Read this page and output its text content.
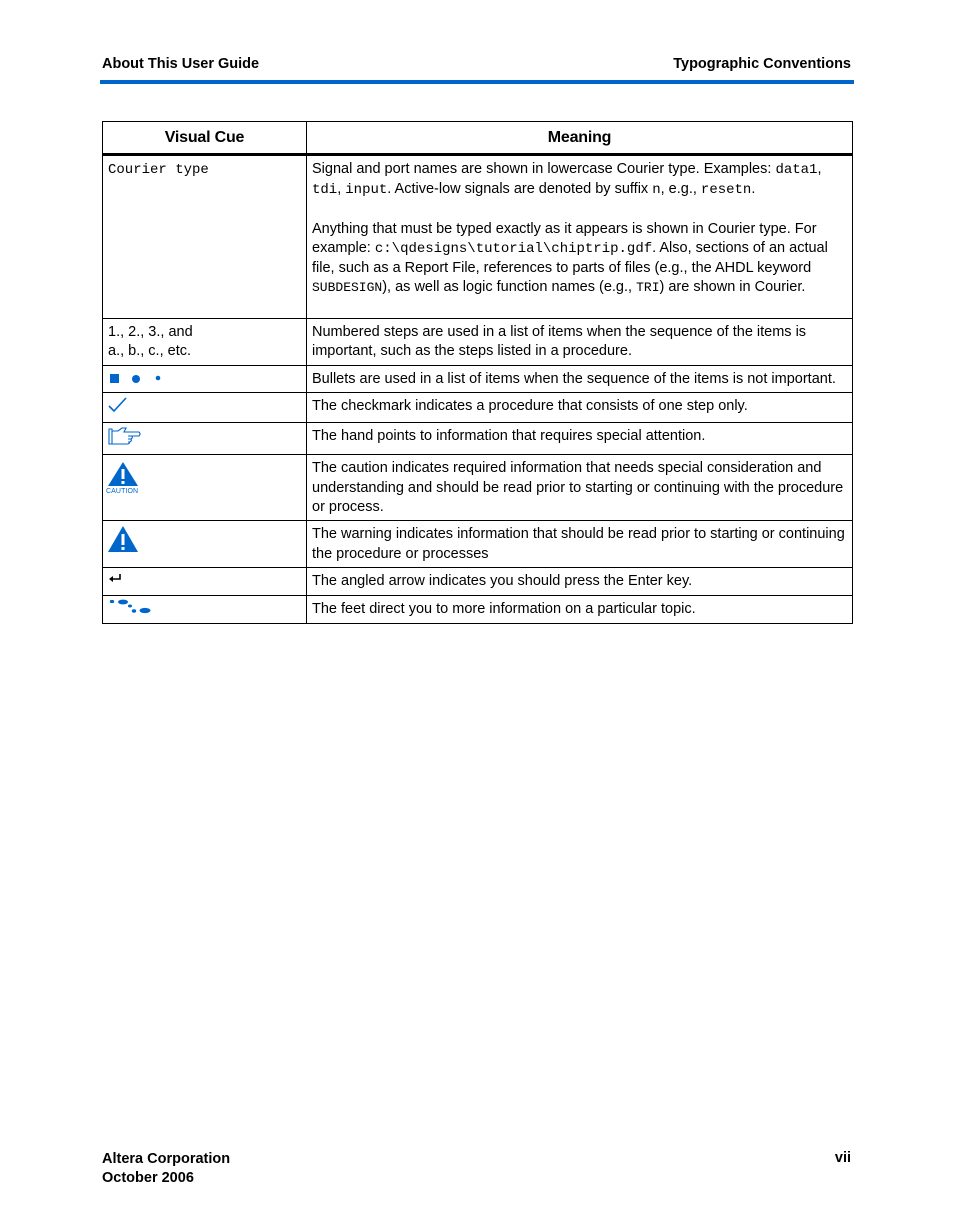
About This User Guide	Typographic Conventions
Visual Cue	Meaning
Courier type	Signal and port names are shown in lowercase Courier type. Examples: data1, tdi, input. Active-low signals are denoted by suffix n, e.g., resetn.

Anything that must be typed exactly as it appears is shown in Courier type. For example: c:\qdesigns\tutorial\chiptrip.gdf. Also, sections of an actual file, such as a Report File, references to parts of files (e.g., the AHDL keyword SUBDESIGN), as well as logic function names (e.g., TRI) are shown in Courier.

1., 2., 3., and
a., b., c., etc.	Numbered steps are used in a list of items when the sequence of the items is important, such as the steps listed in a procedure.
	Bullets are used in a list of items when the sequence of the items is not important.
	The checkmark indicates a procedure that consists of one step only.
	The hand points to information that requires special attention.

CAUTION	The caution indicates required information that needs special consideration and understanding and should be read prior to starting or continuing with the procedure or process.

	The warning indicates information that should be read prior to starting or continuing the procedure or processes
	The angled arrow indicates you should press the Enter key.
	The feet direct you to more information on a particular topic.
Altera Corporation
October 2006
vii
